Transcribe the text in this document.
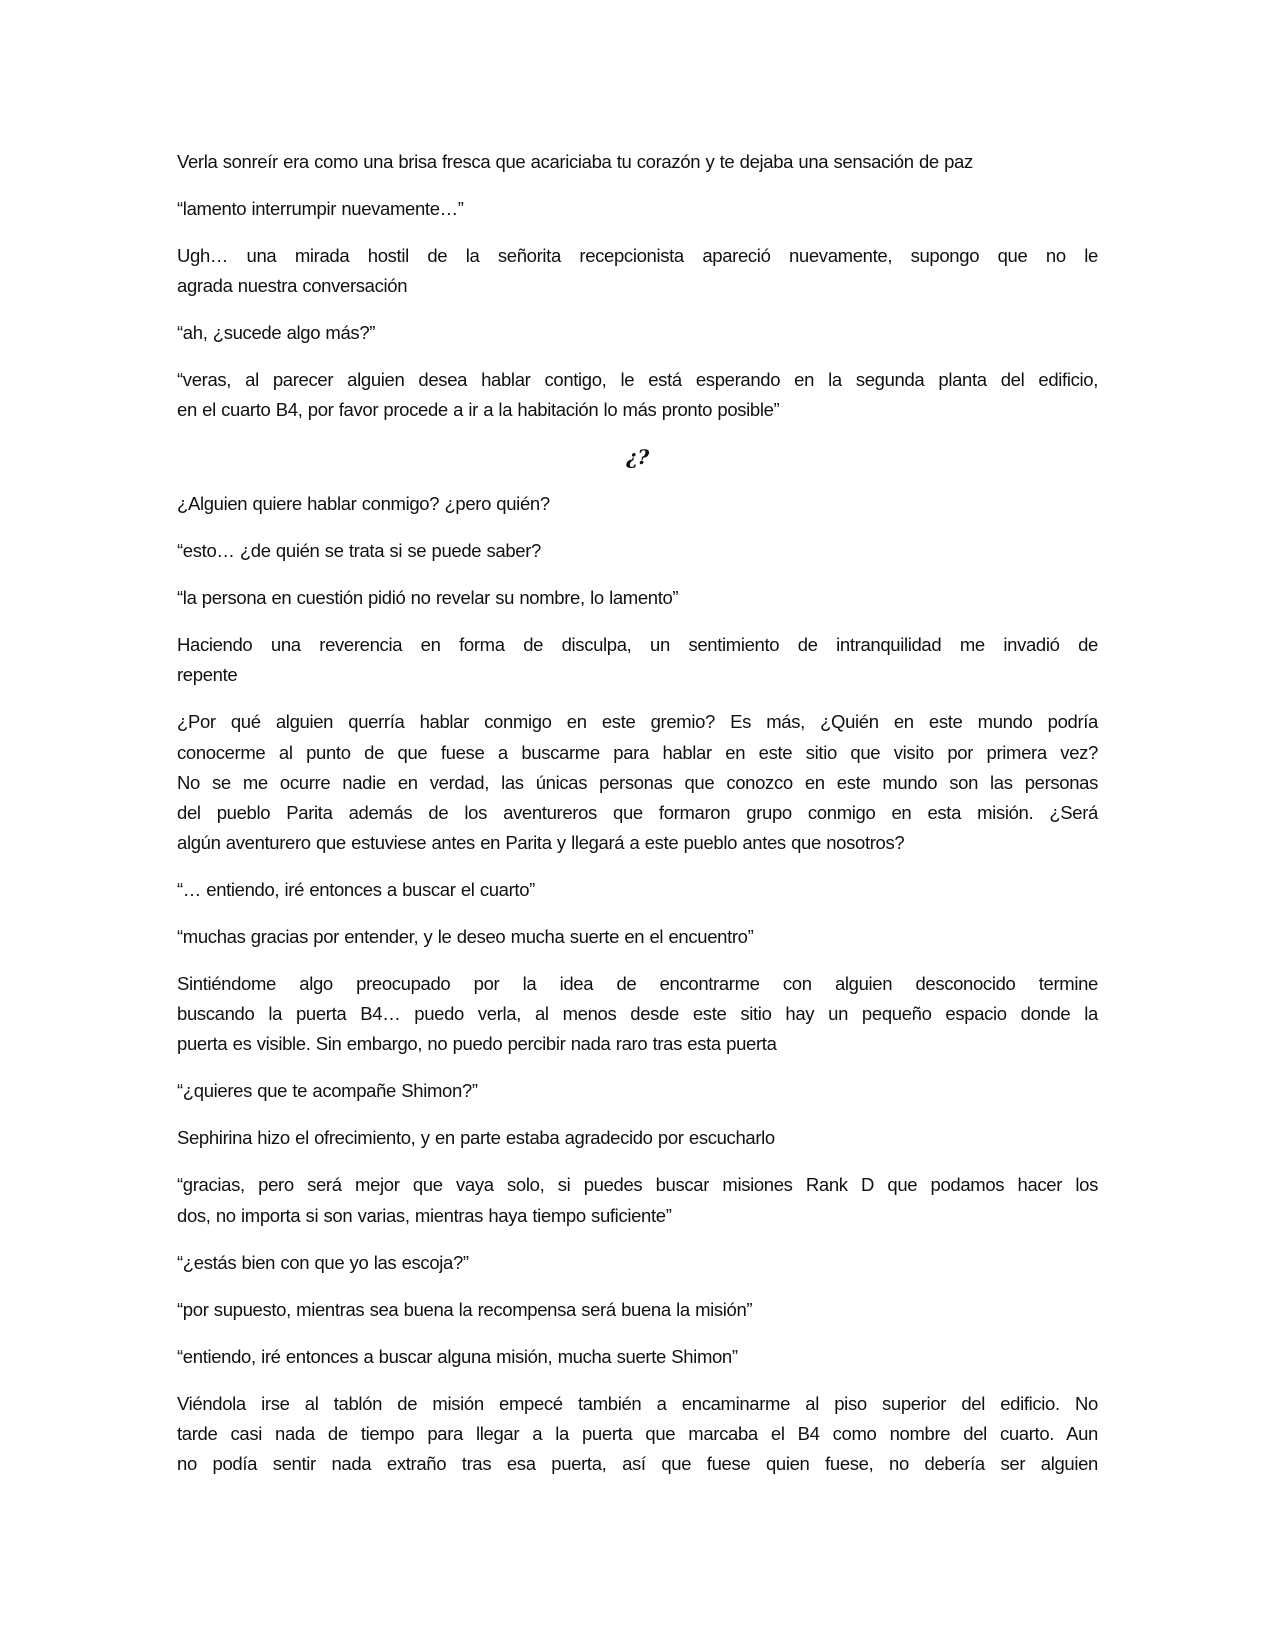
Verla sonreír era como una brisa fresca que acariciaba tu corazón y te dejaba una sensación de paz
“lamento interrumpir nuevamente…”
Ugh… una mirada hostil de la señorita recepcionista apareció nuevamente, supongo que no le
agrada nuestra conversación
“ah, ¿sucede algo más?”
“veras, al parecer alguien desea hablar contigo, le está esperando en la segunda planta del edificio,
en el cuarto B4, por favor procede a ir a la habitación lo más pronto posible”
¿?
¿Alguien quiere hablar conmigo? ¿pero quién?
“esto… ¿de quién se trata si se puede saber?
“la persona en cuestión pidió no revelar su nombre, lo lamento”
Haciendo una reverencia en forma de disculpa, un sentimiento de intranquilidad me invadió de
repente
¿Por qué alguien querría hablar conmigo en este gremio? Es más, ¿Quién en este mundo podría
conocerme al punto de que fuese a buscarme para hablar en este sitio que visito por primera vez?
No se me ocurre nadie en verdad, las únicas personas que conozco en este mundo son las personas
del pueblo Parita además de los aventureros que formaron grupo conmigo en esta misión. ¿Será
algún aventurero que estuviese antes en Parita y llegará a este pueblo antes que nosotros?
“… entiendo, iré entonces a buscar el cuarto”
“muchas gracias por entender, y le deseo mucha suerte en el encuentro”
Sintiéndome algo preocupado por la idea de encontrarme con alguien desconocido termine
buscando la puerta B4… puedo verla, al menos desde este sitio hay un pequeño espacio donde la
puerta es visible. Sin embargo, no puedo percibir nada raro tras esta puerta
“¿quieres que te acompañe Shimon?”
Sephirina hizo el ofrecimiento, y en parte estaba agradecido por escucharlo
“gracias, pero será mejor que vaya solo, si puedes buscar misiones Rank D que podamos hacer los
dos, no importa si son varias, mientras haya tiempo suficiente”
“¿estás bien con que yo las escoja?”
“por supuesto, mientras sea buena la recompensa será buena la misión”
“entiendo, iré entonces a buscar alguna misión, mucha suerte Shimon”
Viéndola irse al tablón de misión empecé también a encaminarme al piso superior del edificio. No
tarde casi nada de tiempo para llegar a la puerta que marcaba el B4 como nombre del cuarto. Aun
no podía sentir nada extraño tras esa puerta, así que fuese quien fuese, no debería ser alguien
